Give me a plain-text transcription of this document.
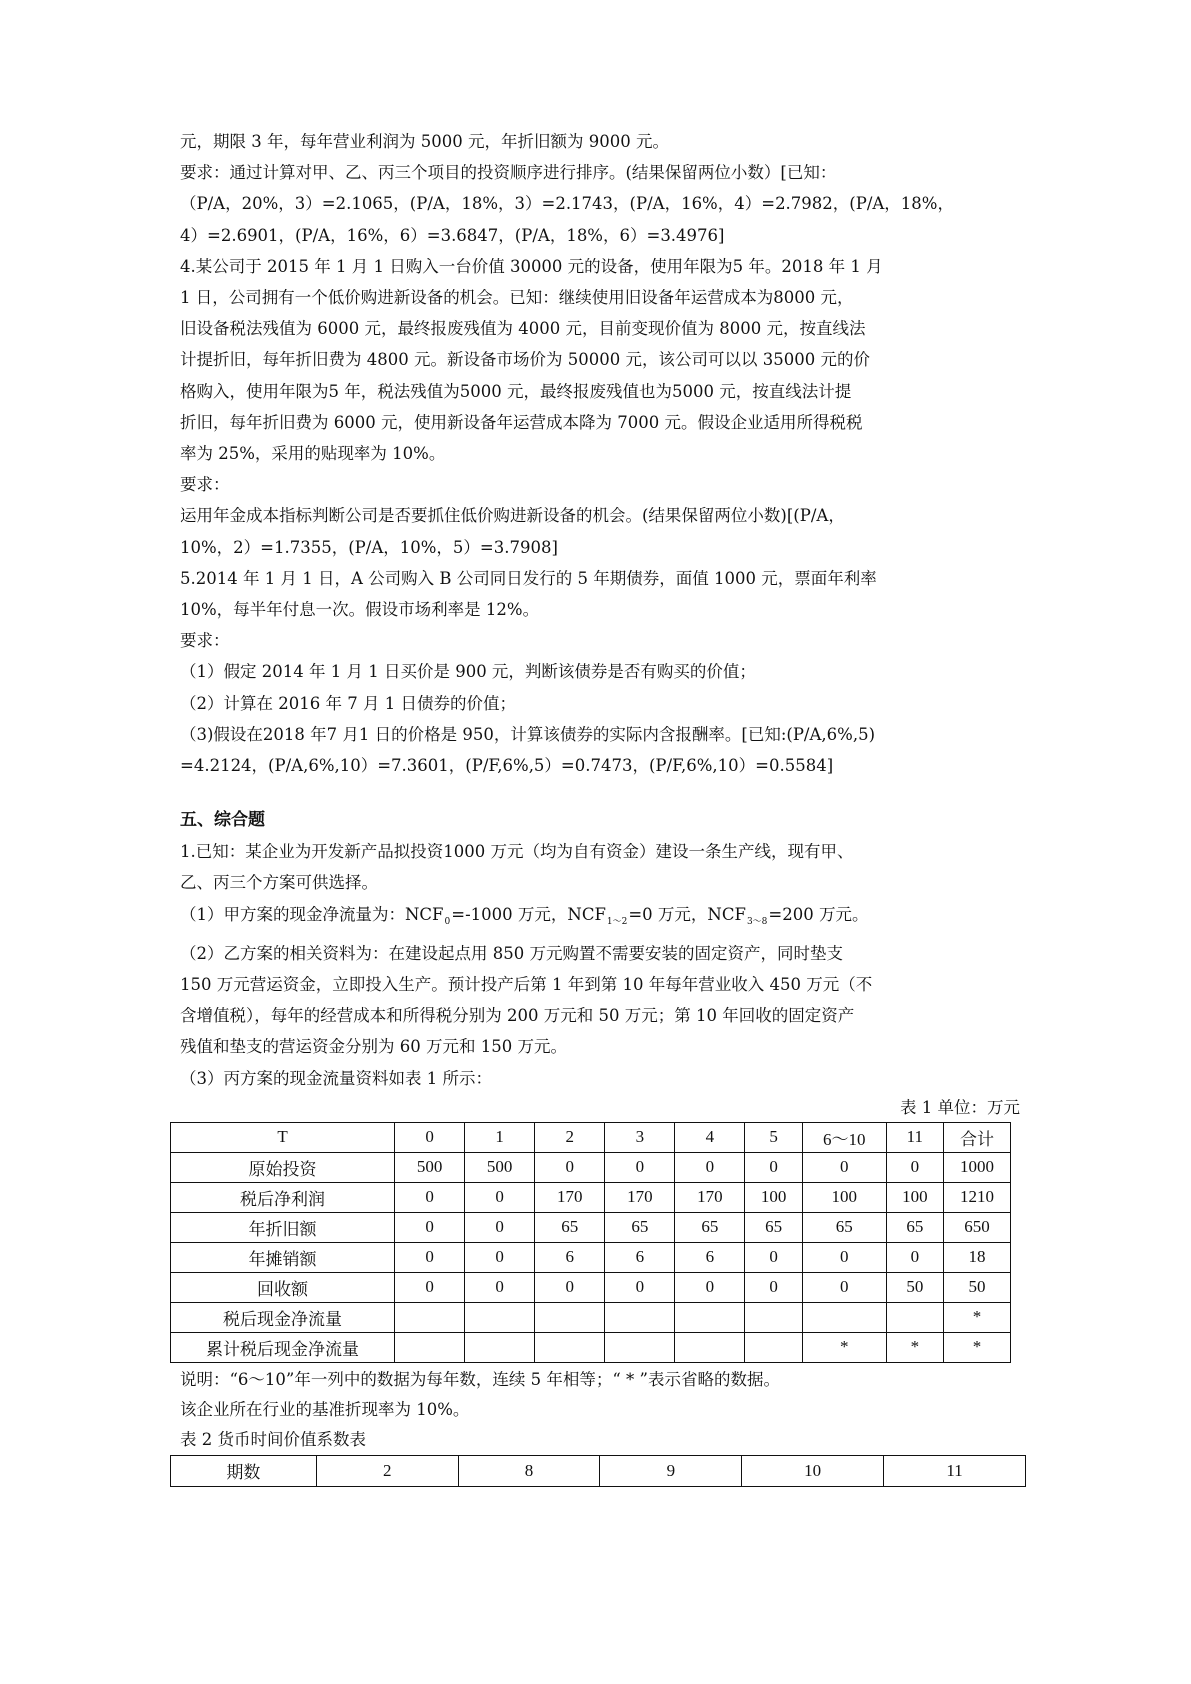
元，期限 3 年，每年营业利润为 5000 元，年折旧额为 9000 元。
要求：通过计算对甲、乙、丙三个项目的投资顺序进行排序。(结果保留两位小数）[已知：
（P/A，20%，3）=2.1065，(P/A，18%，3）=2.1743，(P/A，16%，4）=2.7982，(P/A，18%，
4）=2.6901，(P/A，16%，6）=3.6847，(P/A，18%，6）=3.4976]
4.某公司于 2015 年 1 月 1 日购入一台价值 30000 元的设备，使用年限为5 年。2018 年 1 月
1 日，公司拥有一个低价购进新设备的机会。已知：继续使用旧设备年运营成本为8000 元，
旧设备税法残值为 6000 元，最终报废残值为 4000 元，目前变现价值为 8000 元，按直线法
计提折旧，每年折旧费为 4800 元。新设备市场价为 50000 元，该公司可以以 35000 元的价
格购入，使用年限为5 年，税法残值为5000 元，最终报废残值也为5000 元，按直线法计提
折旧，每年折旧费为 6000 元，使用新设备年运营成本降为 7000 元。假设企业适用所得税税
率为 25%，采用的贴现率为 10%。
要求：
运用年金成本指标判断公司是否要抓住低价购进新设备的机会。(结果保留两位小数)[(P/A，
10%，2）=1.7355，(P/A，10%，5）=3.7908]
5.2014 年 1 月 1 日，A 公司购入 B 公司同日发行的 5 年期债券，面值 1000 元，票面年利率
10%，每半年付息一次。假设市场利率是 12%。
要求：
（1）假定 2014 年 1 月 1 日买价是 900 元，判断该债券是否有购买的价值；
（2）计算在 2016 年 7 月 1 日债券的价值；
（3)假设在2018 年7 月1 日的价格是 950，计算该债券的实际内含报酬率。[已知:(P/A,6%,5)
=4.2124，(P/A,6%,10）=7.3601，(P/F,6%,5）=0.7473，(P/F,6%,10）=0.5584]
五、综合题
1.已知：某企业为开发新产品拟投资1000 万元（均为自有资金）建设一条生产线，现有甲、
乙、丙三个方案可供选择。
（1）甲方案的现金净流量为：$NCF_0=-1000$ 万元，$NCF_{1\sim 2}=0$ 万元，$NCF_{3\sim 8}=200$ 万元。
（2）乙方案的相关资料为：在建设起点用 850 万元购置不需要安装的固定资产，同时垫支
150 万元营运资金，立即投入生产。预计投产后第 1 年到第 10 年每年营业收入 450 万元（不
含增值税），每年的经营成本和所得税分别为 200 万元和 50 万元；第 10 年回收的固定资产
残值和垫支的营运资金分别为 60 万元和 150 万元。
（3）丙方案的现金流量资料如表 1 所示：
表 1 单位：万元
T	0	1	2	3	4	5	6～10	11	合计
原始投资	500	500	0	0	0	0	0	0	1000
税后净利润	0	0	170	170	170	100	100	100	1210
年折旧额	0	0	65	65	65	65	65	65	650
年摊销额	0	0	6	6	6	0	0	0	18
回收额	0	0	0	0	0	0	0	50	50
税后现金净流量									*
累计税后现金净流量							*	*	*
说明：“6～10”年一列中的数据为每年数，连续 5 年相等；“ * ”表示省略的数据。
该企业所在行业的基准折现率为 10%。
表 2 货币时间价值系数表
期数	2	8	9	10	11
